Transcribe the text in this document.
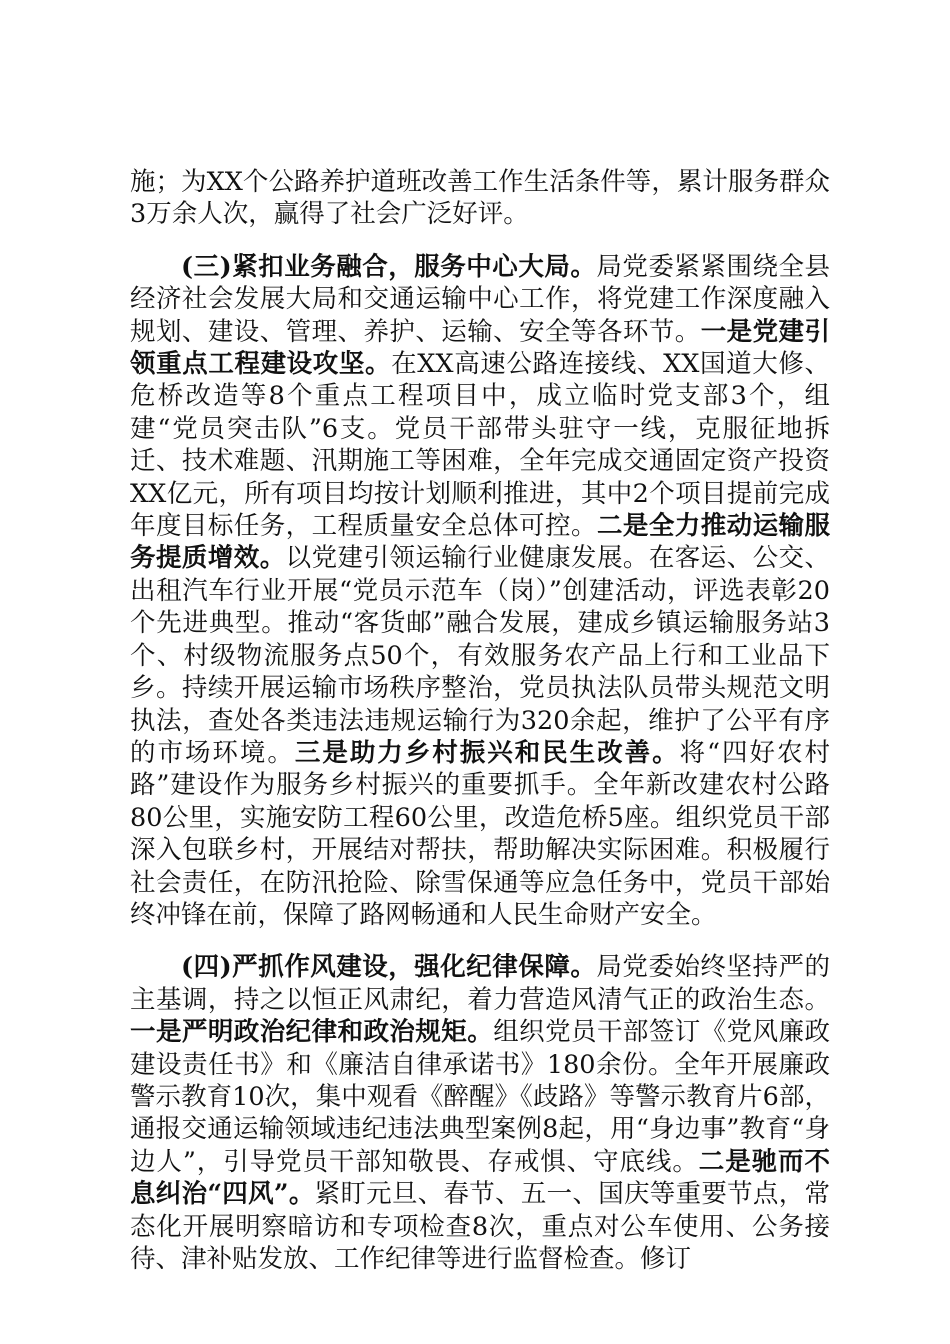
施；为XX个公路养护道班改善工作生活条件等，累计服务群众3万余人次，赢得了社会广泛好评。

(三)紧扣业务融合，服务中心大局。局党委紧紧围绕全县经济社会发展大局和交通运输中心工作，将党建工作深度融入规划、建设、管理、养护、运输、安全等各环节。一是党建引领重点工程建设攻坚。在XX高速公路连接线、XX国道大修、危桥改造等8个重点工程项目中，成立临时党支部3个，组建“党员突击队”6支。党员干部带头驻守一线，克服征地拆迁、技术难题、汛期施工等困难，全年完成交通固定资产投资XX亿元，所有项目均按计划顺利推进，其中2个项目提前完成年度目标任务，工程质量安全总体可控。二是全力推动运输服务提质增效。以党建引领运输行业健康发展。在客运、公交、出租汽车行业开展“党员示范车（岗）”创建活动，评选表彰20个先进典型。推动“客货邮”融合发展，建成乡镇运输服务站3个、村级物流服务点50个，有效服务农产品上行和工业品下乡。持续开展运输市场秩序整治，党员执法队员带头规范文明执法，查处各类违法违规运输行为320余起，维护了公平有序的市场环境。三是助力乡村振兴和民生改善。将“四好农村路”建设作为服务乡村振兴的重要抓手。全年新改建农村公路80公里，实施安防工程60公里，改造危桥5座。组织党员干部深入包联乡村，开展结对帮扶，帮助解决实际困难。积极履行社会责任，在防汛抢险、除雪保通等应急任务中，党员干部始终冲锋在前，保障了路网畅通和人民生命财产安全。

(四)严抓作风建设，强化纪律保障。局党委始终坚持严的主基调，持之以恒正风肃纪，着力营造风清气正的政治生态。一是严明政治纪律和政治规矩。组织党员干部签订《党风廉政建设责任书》和《廉洁自律承诺书》180余份。全年开展廉政警示教育10次，集中观看《醉醒》《歧路》等警示教育片6部，通报交通运输领域违纪违法典型案例8起，用“身边事”教育“身边人”，引导党员干部知敬畏、存戒惧、守底线。二是驰而不息纠治“四风”。紧盯元旦、春节、五一、国庆等重要节点，常态化开展明察暗访和专项检查8次，重点对公车使用、公务接待、津补贴发放、工作纪律等进行监督检查。修订
